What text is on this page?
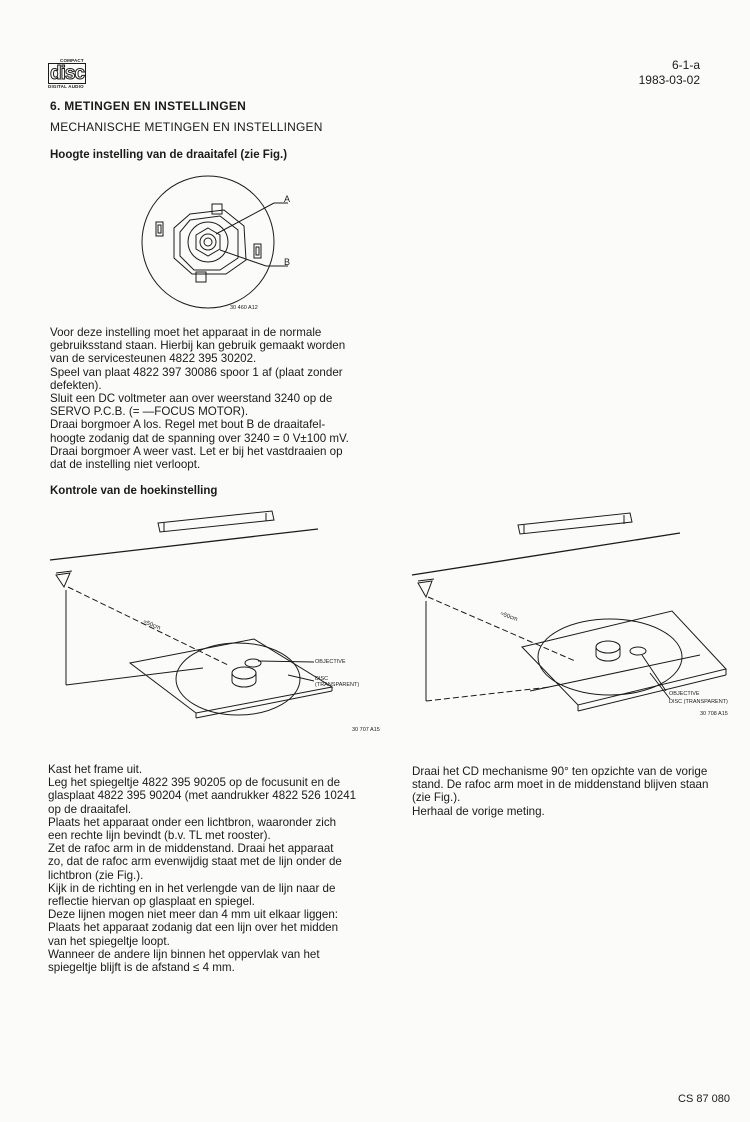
COMPACT
disc
DIGITAL AUDIO
6-1-a
1983-03-02
6. METINGEN EN INSTELLINGEN
MECHANISCHE METINGEN EN INSTELLINGEN
Hoogte instelling van de draaitafel (zie Fig.)
A
B
30 460 A12

Voor deze instelling moet het apparaat in de normale
gebruiksstand staan. Hierbij kan gebruik gemaakt worden
van de servicesteunen 4822 395 30202.
Speel van plaat 4822 397 30086 spoor 1 af (plaat zonder
defekten).
Sluit een DC voltmeter aan over weerstand 3240 op de
SERVO P.C.B. (= —FOCUS MOTOR).
Draai borgmoer A los. Regel met bout B de draaitafel-
hoogte zodanig dat de spanning over 3240 = 0 V±100 mV.
Draai borgmoer A weer vast. Let er bij het vastdraaien op
dat de instelling niet verloopt.

Kontrole van de hoekinstelling
≈50cm
OBJECTIVE
DISC
(TRANSPARENT)
30 707 A15
≈50cm
OBJECTIVE
DISC (TRANSPARENT)
30 708 A15

Kast het frame uit.
Leg het spiegeltje 4822 395 90205 op de focusunit en de
glasplaat 4822 395 90204 (met aandrukker 4822 526 10241
op de draaitafel.
Plaats het apparaat onder een lichtbron, waaronder zich
een rechte lijn bevindt (b.v. TL met rooster).
Zet de rafoc arm in de middenstand. Draai het apparaat
zo, dat de rafoc arm evenwijdig staat met de lijn onder de
lichtbron (zie Fig.).
Kijk in de richting en in het verlengde van de lijn naar de
reflectie hiervan op glasplaat en spiegel.
Deze lijnen mogen niet meer dan 4 mm uit elkaar liggen:
Plaats het apparaat zodanig dat een lijn over het midden
van het spiegeltje loopt.
Wanneer de andere lijn binnen het oppervlak van het
spiegeltje blijft is de afstand ≤ 4 mm.

Draai het CD mechanisme 90° ten opzichte van de vorige
stand. De rafoc arm moet in de middenstand blijven staan
(zie Fig.).
Herhaal de vorige meting.

CS 87 080
